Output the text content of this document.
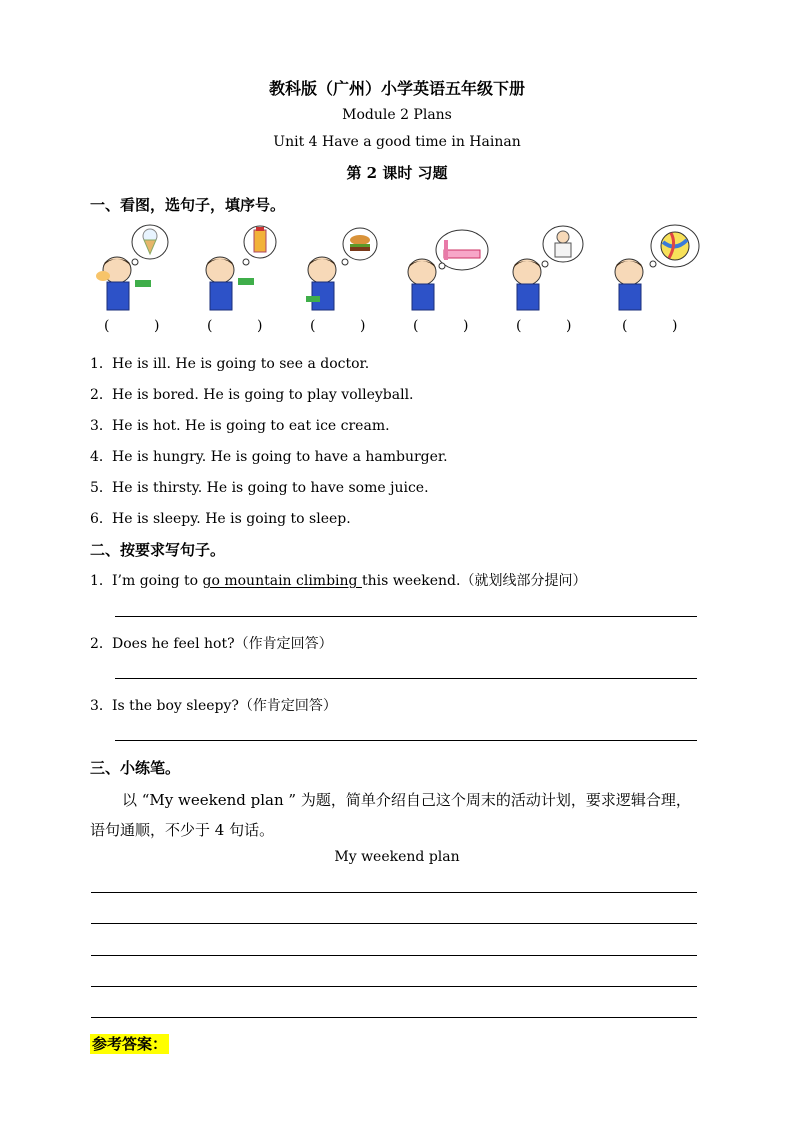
教科版（广州）小学英语五年级下册
Module 2 Plans
Unit 4 Have a good time in Hainan
第 2 课时 习题
一、看图，选句子，填序号。
(          )	(          )	(          )	(          )	(          )	(          )
1．He is ill. He is going to see a doctor.
2．He is bored. He is going to play volleyball.
3．He is hot. He is going to eat ice cream.
4．He is hungry. He is going to have a hamburger.
5．He is thirsty. He is going to have some juice.
6．He is sleepy. He is going to sleep.
二、按要求写句子。
1．I’m going to go mountain climbing this weekend.（就划线部分提问）
2．Does he feel hot?（作肯定回答）
3．Is the boy sleepy?（作肯定回答）
三、小练笔。
以 “My weekend plan ” 为题，简单介绍自己这个周末的活动计划，要求逻辑合理，
语句通顺，不少于 4 句话。
My weekend plan
参考答案：
